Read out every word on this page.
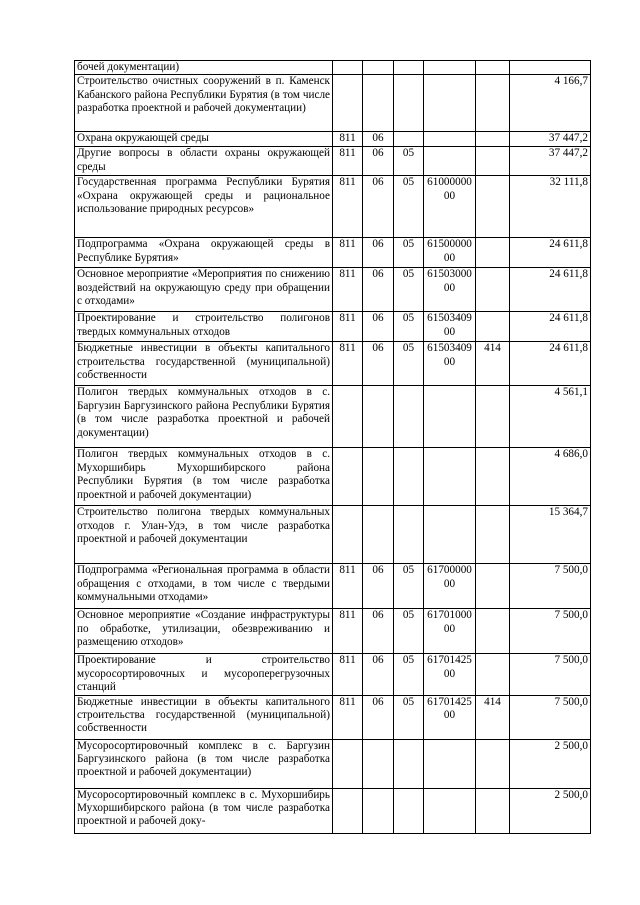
бочей документации)						
Строительство очистных сооружений в п. Каменск Кабанского района Республики Бурятия (в том числе разработка проектной и рабочей документации)						4 166,7
Охрана окружающей среды	811	06				37 447,2
Другие вопросы в области охраны окружающей среды	811	06	05			37 447,2
Государственная программа Республики Бурятия «Охрана окружающей среды и рациональное использование природных ресурсов»	811	06	05	6100000000		32 111,8
Подпрограмма «Охрана окружающей среды в Республике Бурятия»	811	06	05	6150000000		24 611,8
Основное мероприятие «Мероприятия по снижению воздействий на окружающую среду при обращении с отходами»	811	06	05	6150300000		24 611,8
Проектирование и строительство полигонов твердых коммунальных отходов	811	06	05	6150340900		24 611,8
Бюджетные инвестиции в объекты капитального строительства государственной (муниципальной) собственности	811	06	05	6150340900	414	24 611,8
Полигон твердых коммунальных отходов в с. Баргузин Баргузинского района Республики Бурятия (в том числе разработка проектной и рабочей документации)						4 561,1
Полигон твердых коммунальных отходов в с. Мухоршибирь Мухоршибирского района Республики Бурятия (в том числе разработка проектной и рабочей документации)						4 686,0
Строительство полигона твердых коммунальных отходов г. Улан-Удэ, в том числе разработка проектной и рабочей документации						15 364,7
Подпрограмма «Региональная программа в области обращения с отходами, в том числе с твердыми коммунальными отходами»	811	06	05	6170000000		7 500,0
Основное мероприятие «Создание инфраструктуры по обработке, утилизации, обезвреживанию и размещению отходов»	811	06	05	6170100000		7 500,0
Проектирование и строительство мусоросортировочных и мусороперегрузочных станций	811	06	05	6170142500		7 500,0
Бюджетные инвестиции в объекты капитального строительства государственной (муниципальной) собственности	811	06	05	6170142500	414	7 500,0
Мусоросортировочный комплекс в с. Баргузин Баргузинского района (в том числе разработка проектной и рабочей документации)						2 500,0
Мусоросортировочный комплекс в с. Мухоршибирь Мухоршибирского района (в том числе разработка проектной и рабочей доку-						2 500,0
